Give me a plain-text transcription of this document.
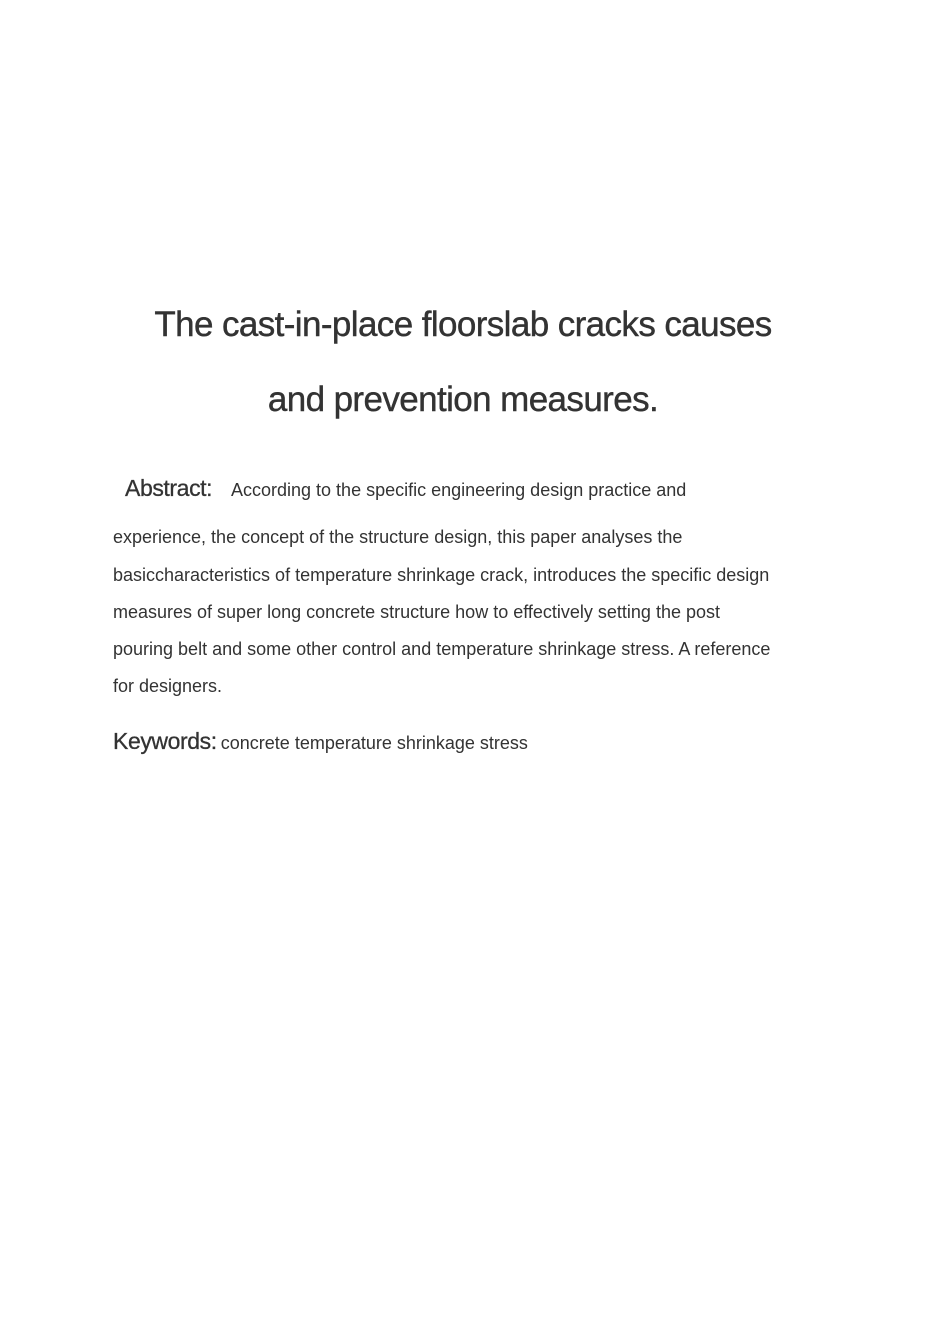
The cast-in-place floorslab cracks causes
and prevention measures.
Abstract: According to the specific engineering design practice and
experience, the concept of the structure design, this paper analyses the
basiccharacteristics of temperature shrinkage crack, introduces the specific design
measures of super long concrete structure how to effectively setting the post
pouring belt and some other control and temperature shrinkage stress. A reference
for designers.
Keywords: concrete temperature shrinkage stress
